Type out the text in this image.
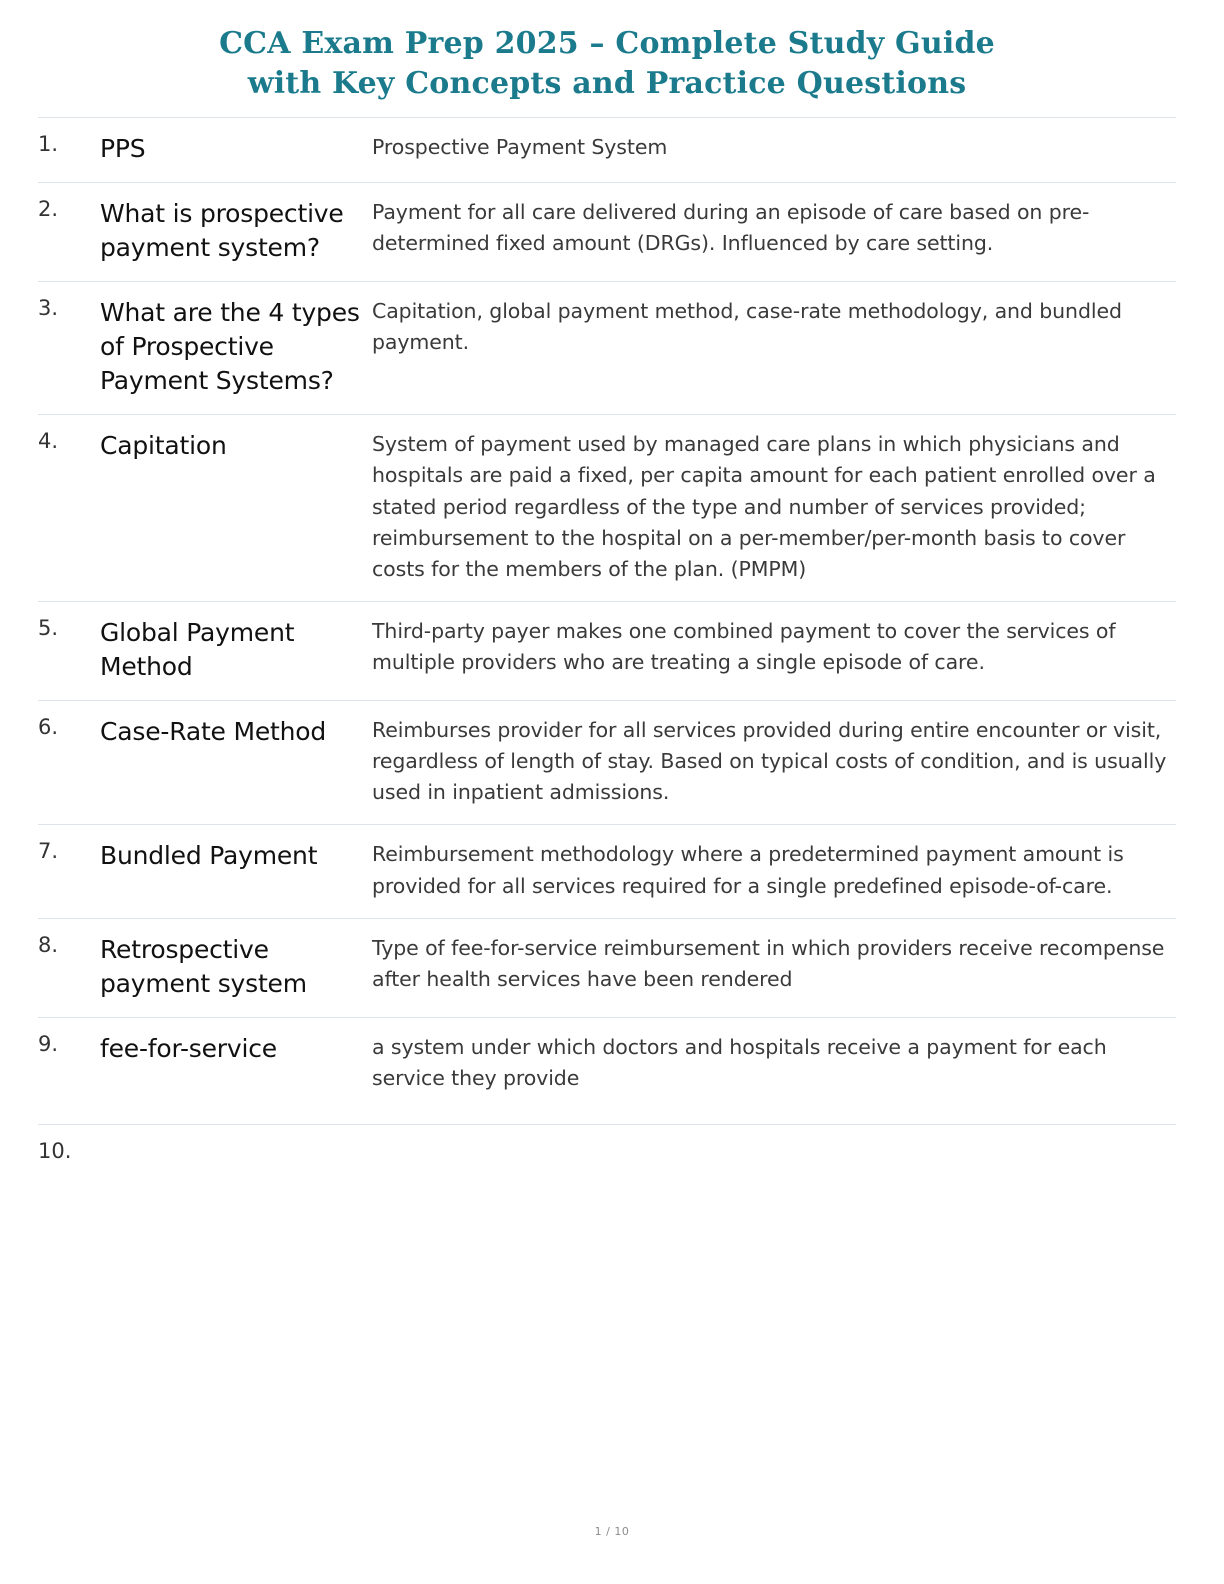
CCA Exam Prep 2025 – Complete Study Guide
with Key Concepts and Practice Questions
1.	PPS	Prospective Payment System
2.	What is prospective payment system?	Payment for all care delivered during an episode of care based on pre-determined fixed amount (DRGs). Influenced by care setting.
3.	What are the 4 types of Prospective Payment Systems?	Capitation, global payment method, case-rate methodology, and bundled payment.
4.	Capitation	System of payment used by managed care plans in which physicians and hospitals are paid a fixed, per capita amount for each patient enrolled over a stated period regardless of the type and number of services provided; reimbursement to the hospital on a per-member/per-month basis to cover costs for the members of the plan. (PMPM)
5.	Global Payment Method	Third-party payer makes one combined payment to cover the services of multiple providers who are treating a single episode of care.
6.	Case-Rate Method	Reimburses provider for all services provided during entire encounter or visit, regardless of length of stay. Based on typical costs of condition, and is usually used in inpatient admissions.
7.	Bundled Payment	Reimbursement methodology where a predetermined payment amount is provided for all services required for a single predefined episode-of-care.
8.	Retrospective payment system	Type of fee-for-service reimbursement in which providers receive recompense after health services have been rendered
9.	fee-for-service	a system under which doctors and hospitals receive a payment for each service they provide
10.		
1 / 10
